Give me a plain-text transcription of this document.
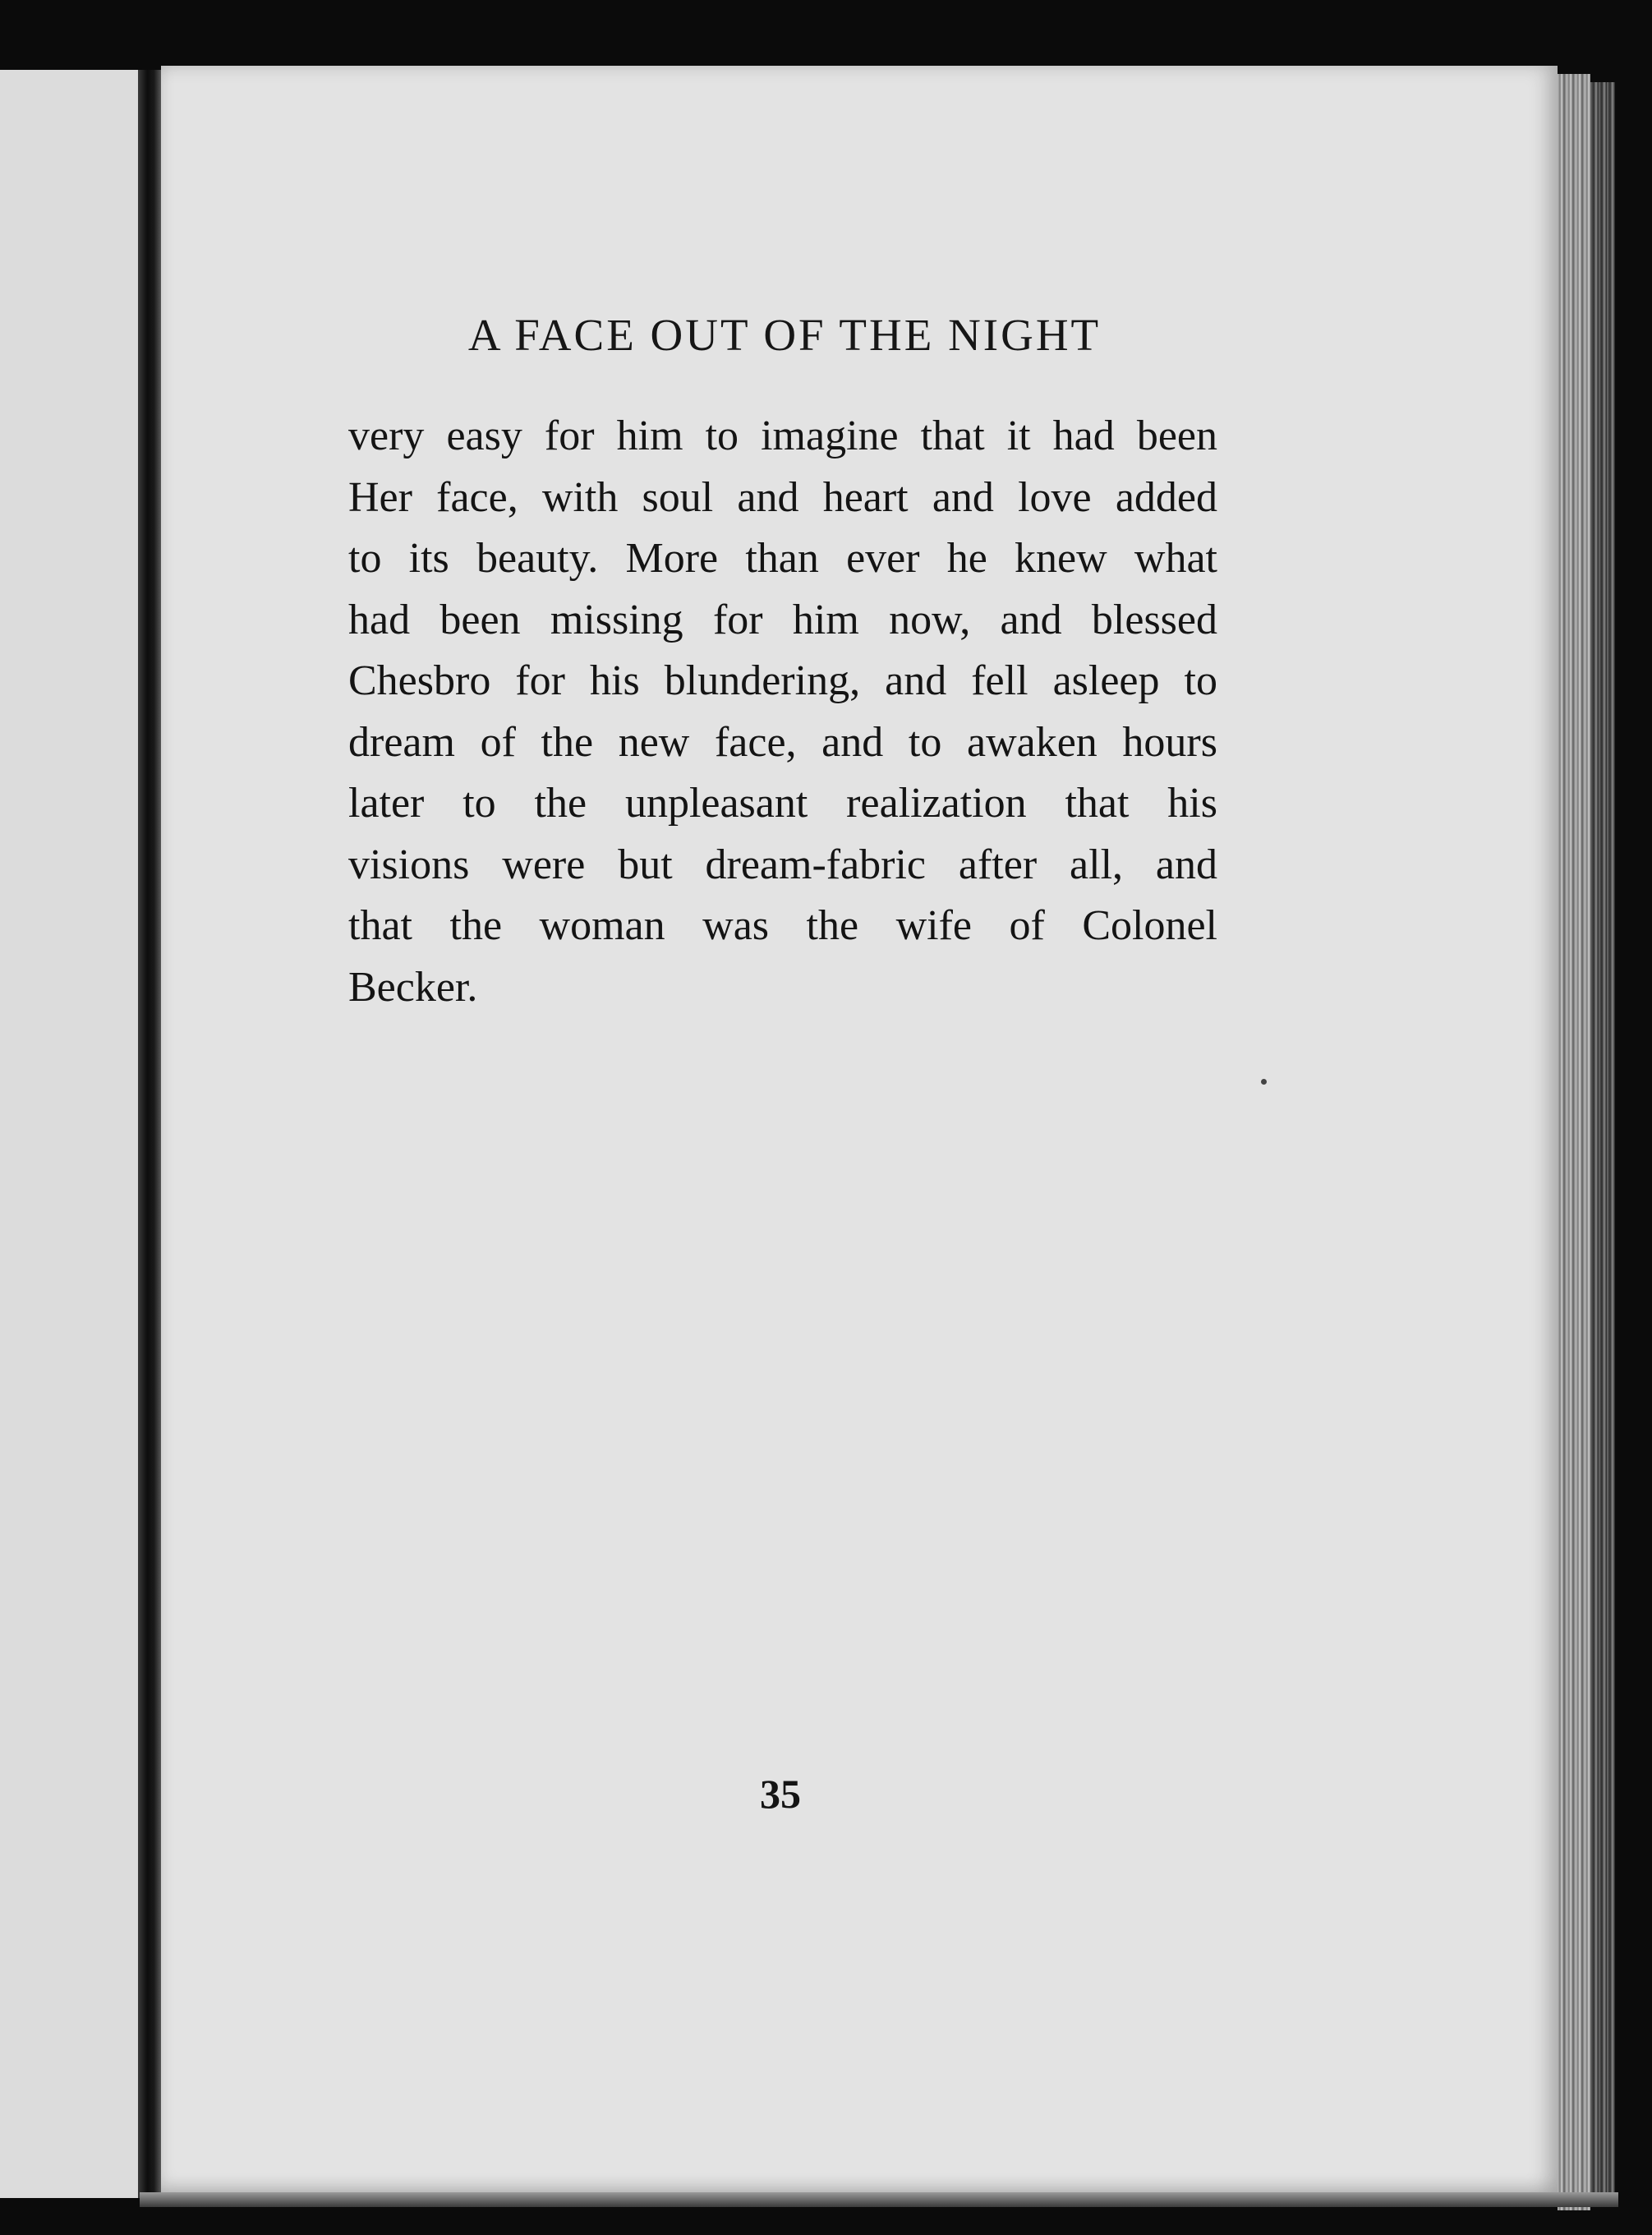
A FACE OUT OF THE NIGHT
very easy for him to imagine that it had been
Her face, with soul and heart and love added
to its beauty. More than ever he knew what
had been missing for him now, and blessed
Chesbro for his blundering, and fell asleep to
dream of the new face, and to awaken hours
later to the unpleasant realization that his
visions were but dream-fabric after all, and
that the woman was the wife of Colonel
Becker.
35
